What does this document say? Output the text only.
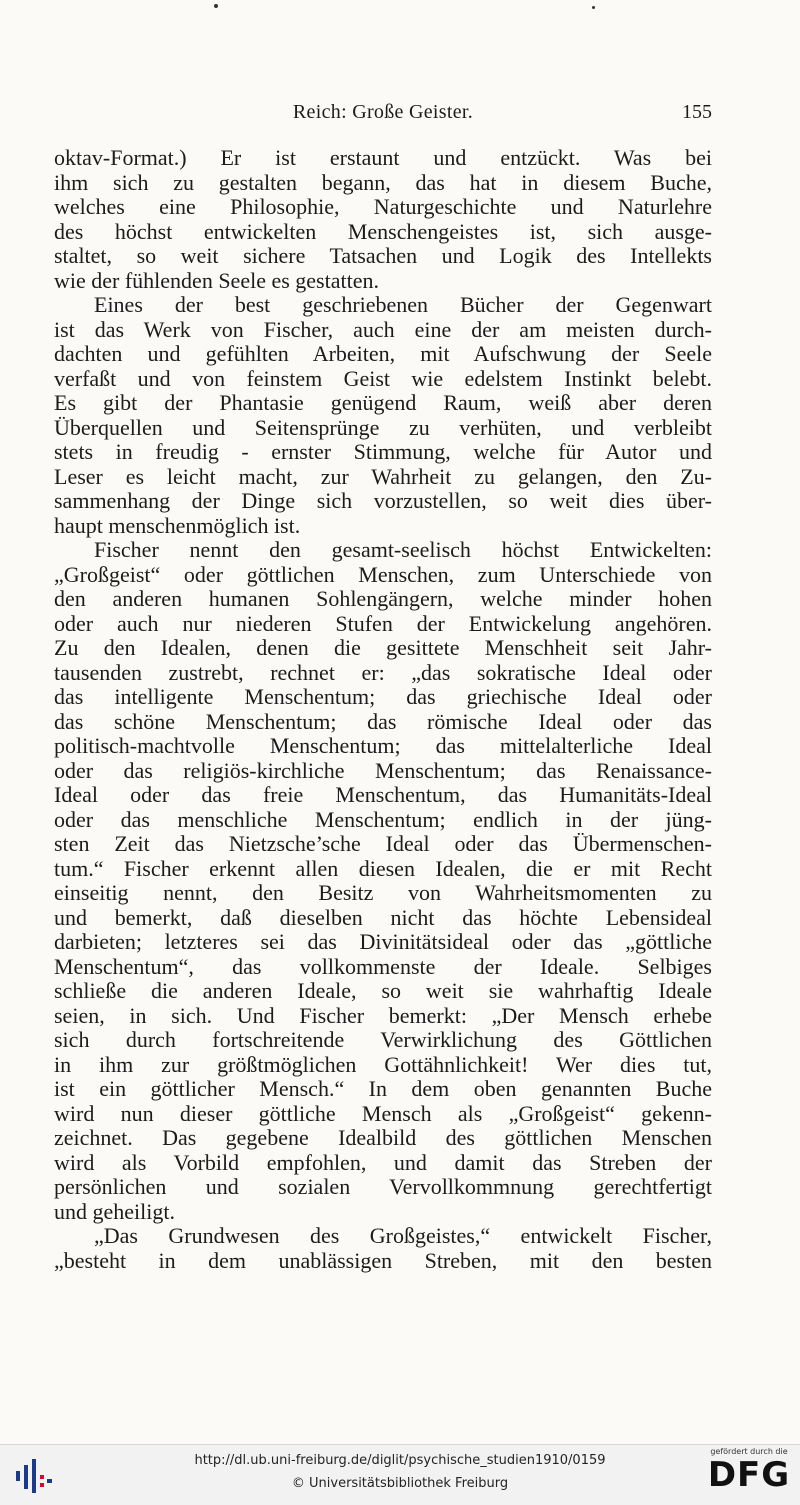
Reich: Große Geister.	155
oktav-Format.) Er ist erstaunt und entzückt. Was bei
ihm sich zu gestalten begann, das hat in diesem Buche,
welches eine Philosophie, Naturgeschichte und Naturlehre
des höchst entwickelten Menschengeistes ist, sich ausge-
staltet, so weit sichere Tatsachen und Logik des Intellekts
wie der fühlenden Seele es gestatten.
Eines der best geschriebenen Bücher der Gegenwart
ist das Werk von Fischer, auch eine der am meisten durch-
dachten und gefühlten Arbeiten, mit Aufschwung der Seele
verfaßt und von feinstem Geist wie edelstem Instinkt belebt.
Es gibt der Phantasie genügend Raum, weiß aber deren
Überquellen und Seitensprünge zu verhüten, und verbleibt
stets in freudig - ernster Stimmung, welche für Autor und
Leser es leicht macht, zur Wahrheit zu gelangen, den Zu-
sammenhang der Dinge sich vorzustellen, so weit dies über-
haupt menschenmöglich ist.
Fischer nennt den gesamt-seelisch höchst Entwickelten:
„Großgeist“ oder göttlichen Menschen, zum Unterschiede von
den anderen humanen Sohlengängern, welche minder hohen
oder auch nur niederen Stufen der Entwickelung angehören.
Zu den Idealen, denen die gesittete Menschheit seit Jahr-
tausenden zustrebt, rechnet er: „das sokratische Ideal oder
das intelligente Menschentum; das griechische Ideal oder
das schöne Menschentum; das römische Ideal oder das
politisch-machtvolle Menschentum; das mittelalterliche Ideal
oder das religiös-kirchliche Menschentum; das Renaissance-
Ideal oder das freie Menschentum, das Humanitäts-Ideal
oder das menschliche Menschentum; endlich in der jüng-
sten Zeit das Nietzsche’sche Ideal oder das Übermenschen-
tum.“ Fischer erkennt allen diesen Idealen, die er mit Recht
einseitig nennt, den Besitz von Wahrheitsmomenten zu
und bemerkt, daß dieselben nicht das höchte Lebensideal
darbieten; letzteres sei das Divinitätsideal oder das „göttliche
Menschentum“, das vollkommenste der Ideale. Selbiges
schließe die anderen Ideale, so weit sie wahrhaftig Ideale
seien, in sich. Und Fischer bemerkt: „Der Mensch erhebe
sich durch fortschreitende Verwirklichung des Göttlichen
in ihm zur größtmöglichen Gottähnlichkeit! Wer dies tut,
ist ein göttlicher Mensch.“ In dem oben genannten Buche
wird nun dieser göttliche Mensch als „Großgeist“ gekenn-
zeichnet. Das gegebene Idealbild des göttlichen Menschen
wird als Vorbild empfohlen, und damit das Streben der
persönlichen und sozialen Vervollkommnung gerechtfertigt
und geheiligt.
„Das Grundwesen des Großgeistes,“ entwickelt Fischer,
„besteht in dem unablässigen Streben, mit den besten
http://dl.ub.uni-freiburg.de/diglit/psychische_studien1910/0159
© Universitätsbibliothek Freiburg
gefördert durch die
DFG
